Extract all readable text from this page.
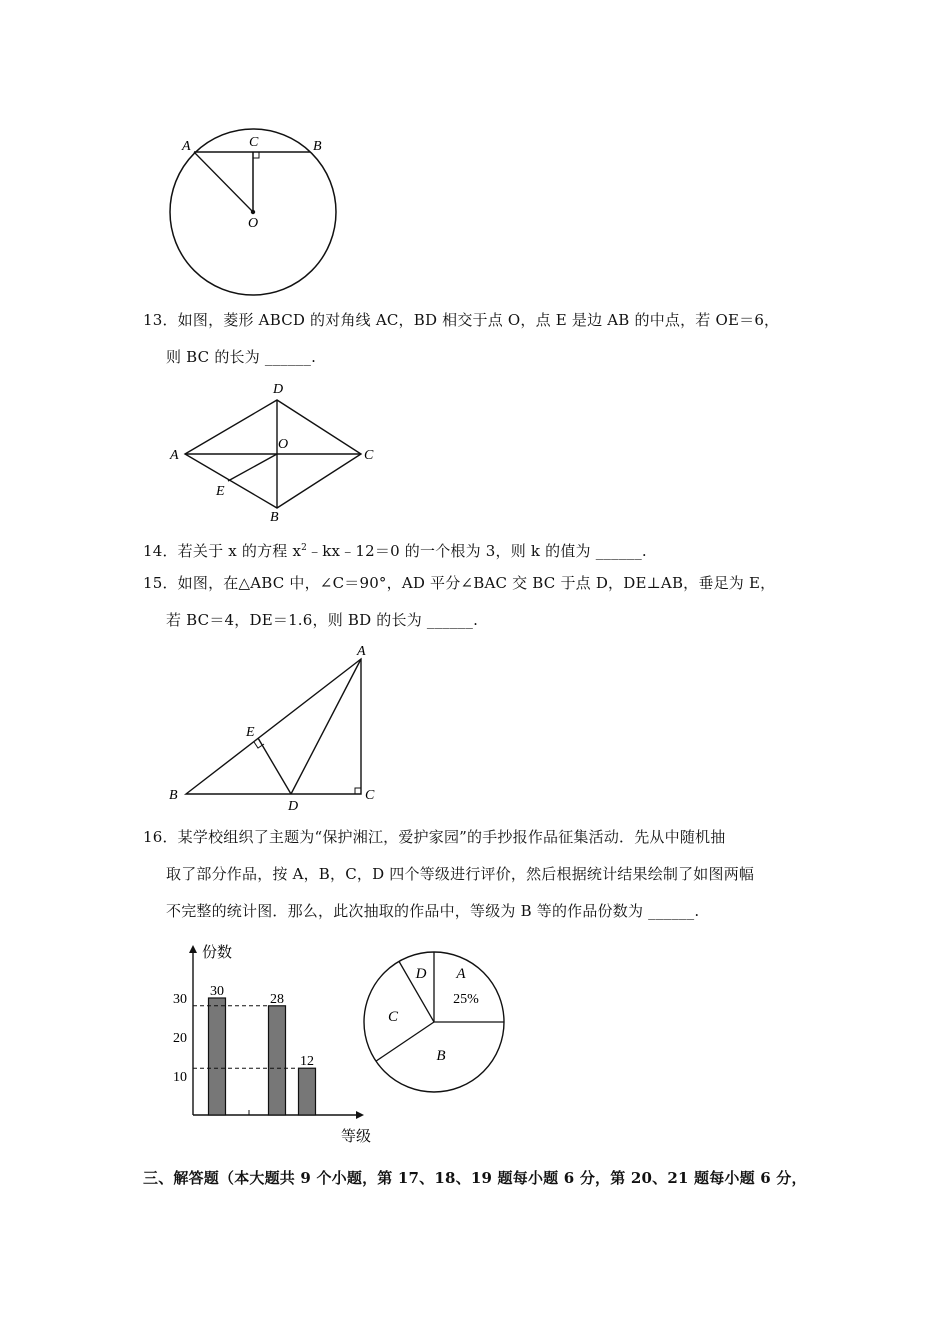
A	C	B
O
13．如图，菱形 ABCD 的对角线 AC，BD 相交于点 O，点 E 是边 AB 的中点，若 OE＝6，
则 BC 的长为 ______.
D
A
O
C
E
B
14．若关于 x 的方程 $x^2﹣kx﹣12=0$ 的一个根为 3，则 k 的值为 ______.
15．如图，在△ABC 中，∠C＝90°，AD 平分∠BAC 交 BC 于点 D，DE⊥AB，垂足为 E，
若 BC＝4，DE＝1.6，则 BD 的长为 ______.
A
E
B
D
C
16．某学校组织了主题为“保护湘江，爱护家园”的手抄报作品征集活动．先从中随机抽
取了部分作品，按 A，B，C，D 四个等级进行评价，然后根据统计结果绘制了如图两幅
不完整的统计图．那么，此次抽取的作品中，等级为 B 等的作品份数为 ______.
份数
等级
10
20
30
30
28
12
A
B
C
D
25%
三、解答题（本大题共 9 个小题，第 17、18、19 题每小题 6 分，第 20、21 题每小题 6 分，
